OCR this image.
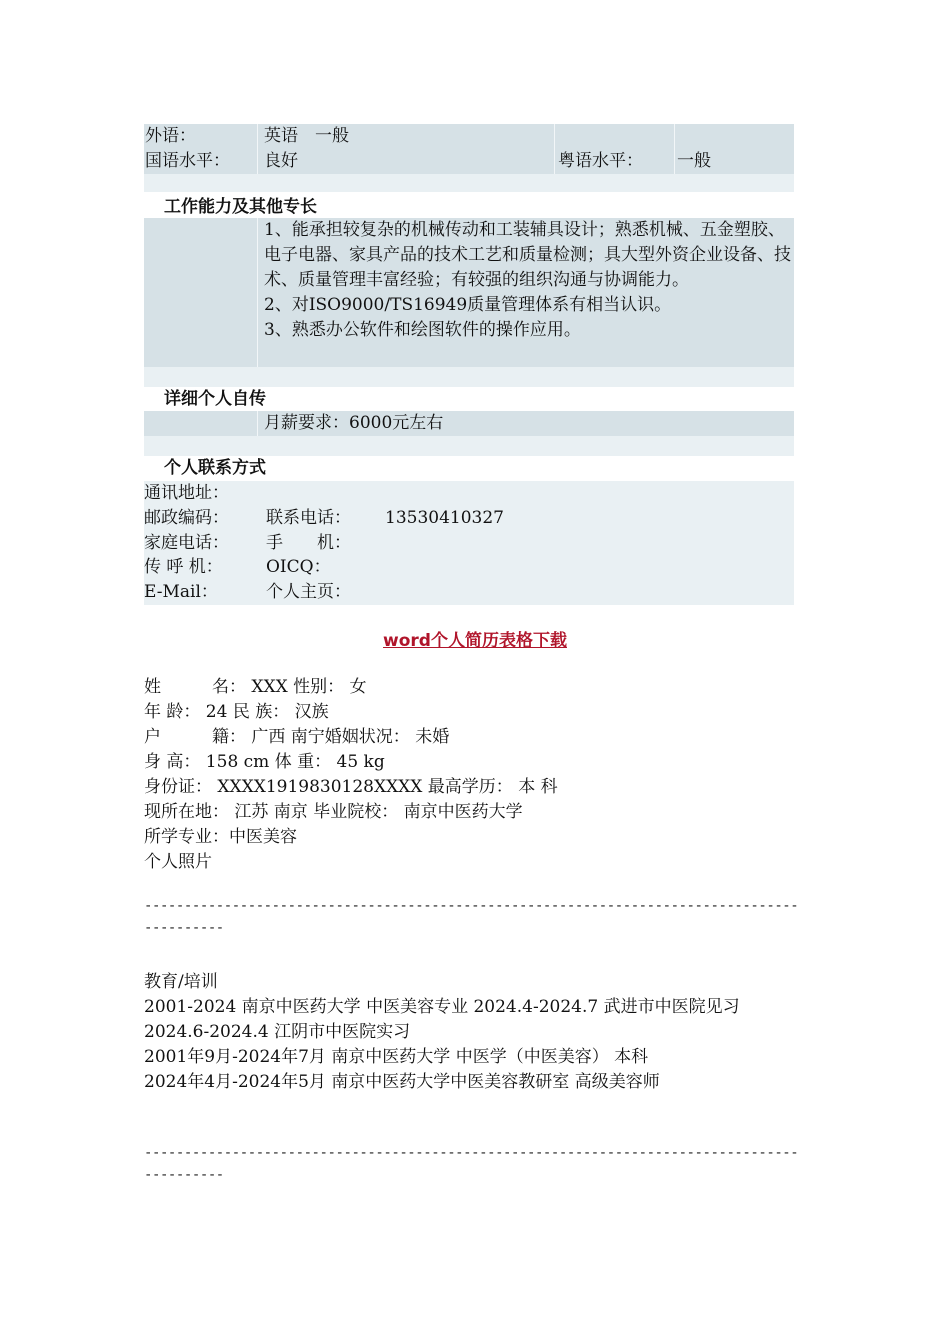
外语：	英语　一般
国语水平： 良好	粤语水平： 一般
工作能力及其他专长
1、能承担较复杂的机械传动和工装辅具设计；熟悉机械、五金塑胶、电子电器、家具产品的技术工艺和质量检测；具大型外资企业设备、技术、质量管理丰富经验；有较强的组织沟通与协调能力。
2、对ISO9000/TS16949质量管理体系有相当认识。
3、熟悉办公软件和绘图软件的操作应用。
详细个人自传
月薪要求：6000元左右
个人联系方式
通讯地址：
邮政编码： 联系电话： 13530410327
家庭电话： 手　　机：
传 呼 机：	OICQ：
E-Mail：	个人主页：
word个人简历表格下载
姓　　　名： XXX 性别： 女
年 龄： 24 民 族： 汉族
户　　　籍： 广西 南宁婚姻状况： 未婚
身 高： 158 cm 体 重： 45 kg
身份证： XXXX1919830128XXXX 最高学历： 本 科
现所在地： 江苏 南京 毕业院校： 南京中医药大学
所学专业：中医美容
个人照片
--------------------------------------------------------------------------------------------
教育/培训
2001-2024 南京中医药大学 中医美容专业 2024.4-2024.7 武进市中医院见习
2024.6-2024.4 江阴市中医院实习
2001年9月-2024年7月 南京中医药大学 中医学（中医美容） 本科
2024年4月-2024年5月 南京中医药大学中医美容教研室 高级美容师
--------------------------------------------------------------------------------------------
